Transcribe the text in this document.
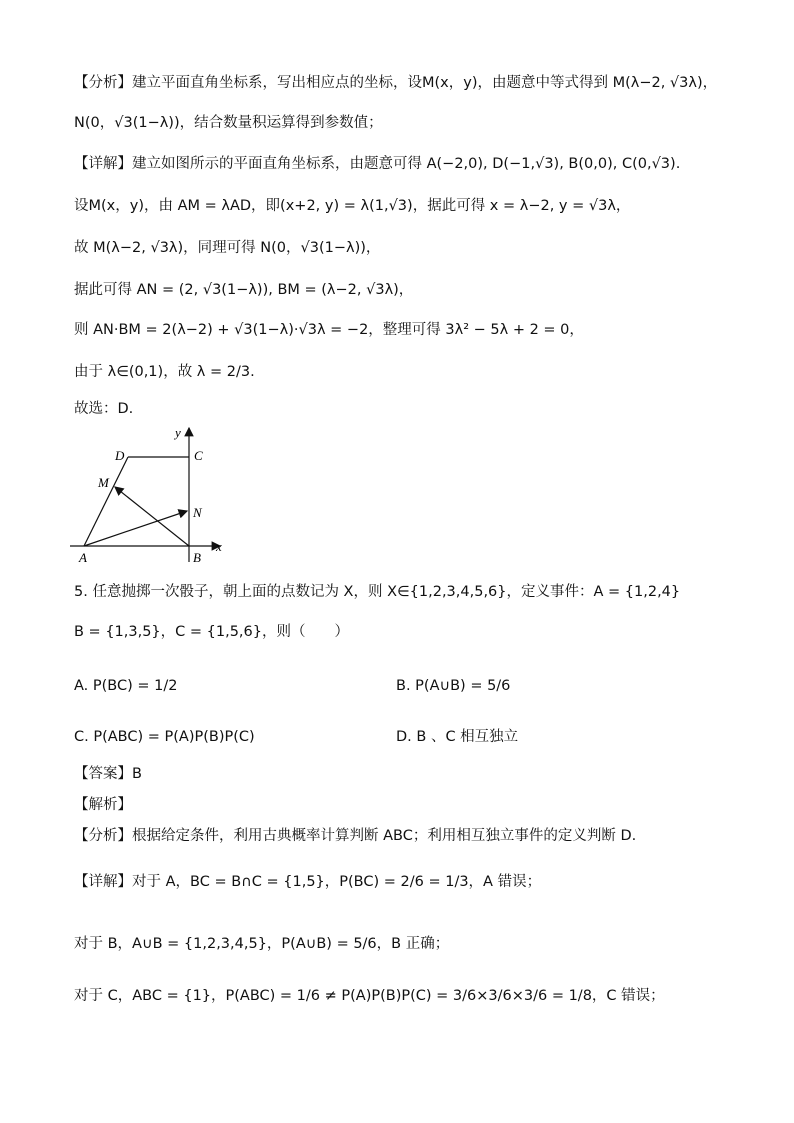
【分析】建立平面直角坐标系，写出相应点的坐标，设M(x，y)，由题意中等式得到 M(λ−2, √3λ)，
N(0，√3(1−λ))，结合数量积运算得到参数值；
【详解】建立如图所示的平面直角坐标系，由题意可得 A(−2,0), D(−1,√3), B(0,0), C(0,√3).
设M(x，y)，由 AM = λAD，即(x+2, y) = λ(1,√3)，据此可得 x = λ−2, y = √3λ，
故 M(λ−2, √3λ)，同理可得 N(0，√3(1−λ))，
据此可得 AN = (2, √3(1−λ)), BM = (λ−2, √3λ)，
则 AN·BM = 2(λ−2) + √3(1−λ)·√3λ = −2，整理可得 3λ² − 5λ + 2 = 0，
由于 λ∈(0,1)，故 λ = 2/3.
故选：D.
y
x
D	C
M
N
A	B
5. 任意抛掷一次骰子，朝上面的点数记为 X，则 X∈{1,2,3,4,5,6}，定义事件：A = {1,2,4}
B = {1,3,5}，C = {1,5,6}，则（　　）
A. P(BC) = 1/2	B. P(A∪B) = 5/6
C. P(ABC) = P(A)P(B)P(C)	D. B 、C 相互独立
【答案】B
【解析】
【分析】根据给定条件，利用古典概率计算判断 ABC；利用相互独立事件的定义判断 D.
【详解】对于 A，BC = B∩C = {1,5}，P(BC) = 2/6 = 1/3，A 错误；
对于 B，A∪B = {1,2,3,4,5}，P(A∪B) = 5/6，B 正确；
对于 C，ABC = {1}，P(ABC) = 1/6 ≠ P(A)P(B)P(C) = 3/6×3/6×3/6 = 1/8，C 错误；
